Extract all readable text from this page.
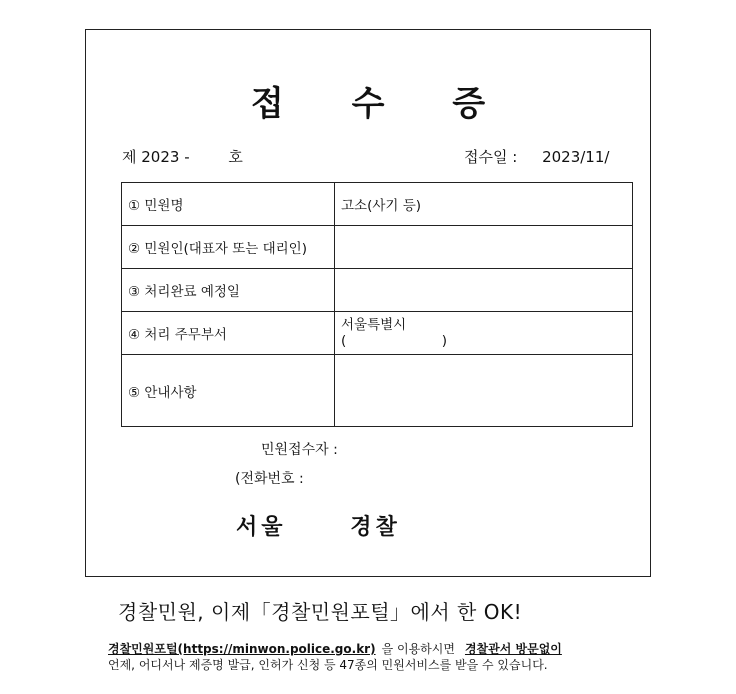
접 수 증
제 2023 -	호	접수일 : 2023/11/
① 민원명	고소(사기 등)
② 민원인(대표자 또는 대리인)	
③ 처리완료 예정일	
④ 처리 주무부서	서울특별시
( )

⑤ 안내사항	
민원접수자 :
(전화번호 :
서울	경찰
경찰민원, 이제「경찰민원포털」에서 한 OK!
경찰민원포털(https://minwon.police.go.kr) 을 이용하시면 경찰관서 방문없이
언제, 어디서나 제증명 발급, 인허가 신청 등 47종의 민원서비스를 받을 수 있습니다.
